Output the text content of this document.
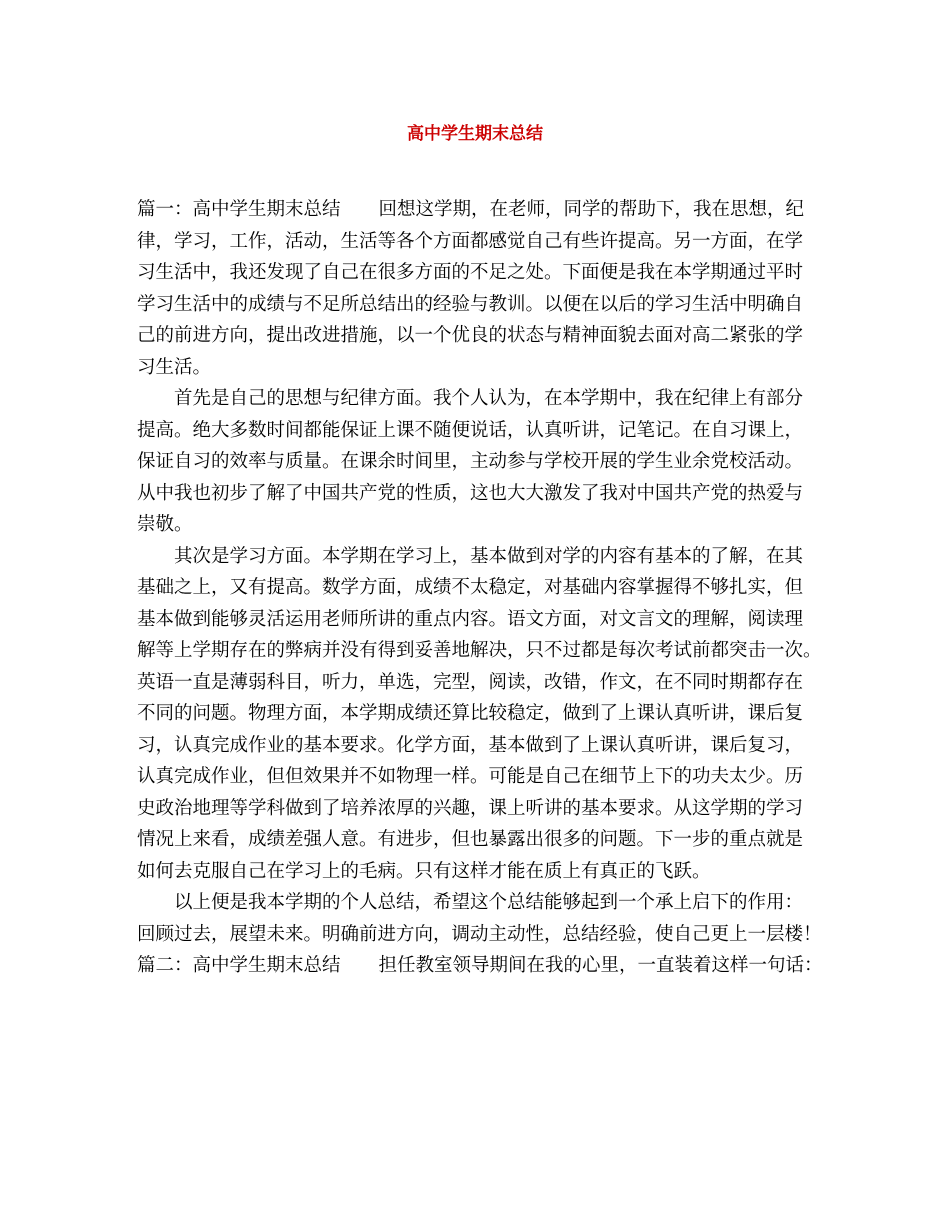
高中学生期末总结
篇一：高中学生期末总结 回想这学期，在老师，同学的帮助下，我在思想，纪
律，学习，工作，活动，生活等各个方面都感觉自己有些许提高。另一方面，在学
习生活中，我还发现了自己在很多方面的不足之处。下面便是我在本学期通过平时
学习生活中的成绩与不足所总结出的经验与教训。以便在以后的学习生活中明确自
己的前进方向，提出改进措施，以一个优良的状态与精神面貌去面对高二紧张的学
习生活。
首先是自己的思想与纪律方面。我个人认为，在本学期中，我在纪律上有部分
提高。绝大多数时间都能保证上课不随便说话，认真听讲，记笔记。在自习课上，
保证自习的效率与质量。在课余时间里，主动参与学校开展的学生业余党校活动。
从中我也初步了解了中国共产党的性质，这也大大激发了我对中国共产党的热爱与
崇敬。
其次是学习方面。本学期在学习上，基本做到对学的内容有基本的了解，在其
基础之上，又有提高。数学方面，成绩不太稳定，对基础内容掌握得不够扎实，但
基本做到能够灵活运用老师所讲的重点内容。语文方面，对文言文的理解，阅读理
解等上学期存在的弊病并没有得到妥善地解决，只不过都是每次考试前都突击一次。
英语一直是薄弱科目，听力，单选，完型，阅读，改错，作文，在不同时期都存在
不同的问题。物理方面，本学期成绩还算比较稳定，做到了上课认真听讲，课后复
习，认真完成作业的基本要求。化学方面，基本做到了上课认真听讲，课后复习，
认真完成作业，但但效果并不如物理一样。可能是自己在细节上下的功夫太少。历
史政治地理等学科做到了培养浓厚的兴趣，课上听讲的基本要求。从这学期的学习
情况上来看，成绩差强人意。有进步，但也暴露出很多的问题。下一步的重点就是
如何去克服自己在学习上的毛病。只有这样才能在质上有真正的飞跃。
以上便是我本学期的个人总结，希望这个总结能够起到一个承上启下的作用：
回顾过去，展望未来。明确前进方向，调动主动性，总结经验，使自己更上一层楼！
篇二：高中学生期末总结 担任教室领导期间在我的心里，一直装着这样一句话：
